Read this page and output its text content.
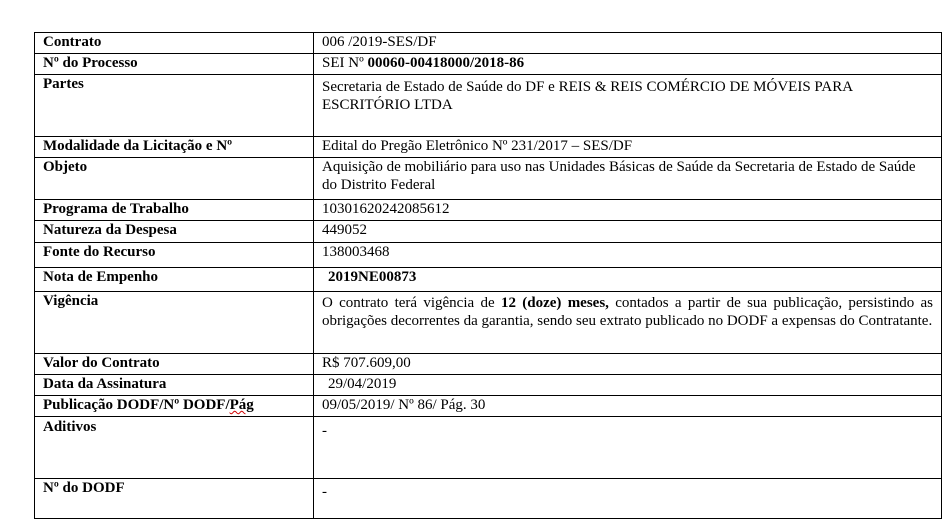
Contrato	006 /2019-SES/DF
Nº do Processo	SEI Nº 00060-00418000/2018-86
Partes	Secretaria de Estado de Saúde do DF e REIS & REIS COMÉRCIO DE MÓVEIS PARA ESCRITÓRIO LTDA
Modalidade da Licitação e Nº	Edital do Pregão Eletrônico Nº 231/2017 – SES/DF
Objeto	Aquisição de mobiliário para uso nas Unidades Básicas de Saúde da Secretaria de Estado de Saúde do Distrito Federal
Programa de Trabalho	10301620242085612
Natureza da Despesa	449052
Fonte do Recurso	138003468
Nota de Empenho	2019NE00873
Vigência	O contrato terá vigência de 12 (doze) meses, contados a partir de sua publicação, persistindo as obrigações decorrentes da garantia, sendo seu extrato publicado no DODF a expensas do Contratante.
Valor do Contrato	R$ 707.609,00
Data da Assinatura	29/04/2019
Publicação DODF/Nº DODF/Pág	09/05/2019/ Nº 86/ Pág. 30
Aditivos	-
Nº do DODF	-
